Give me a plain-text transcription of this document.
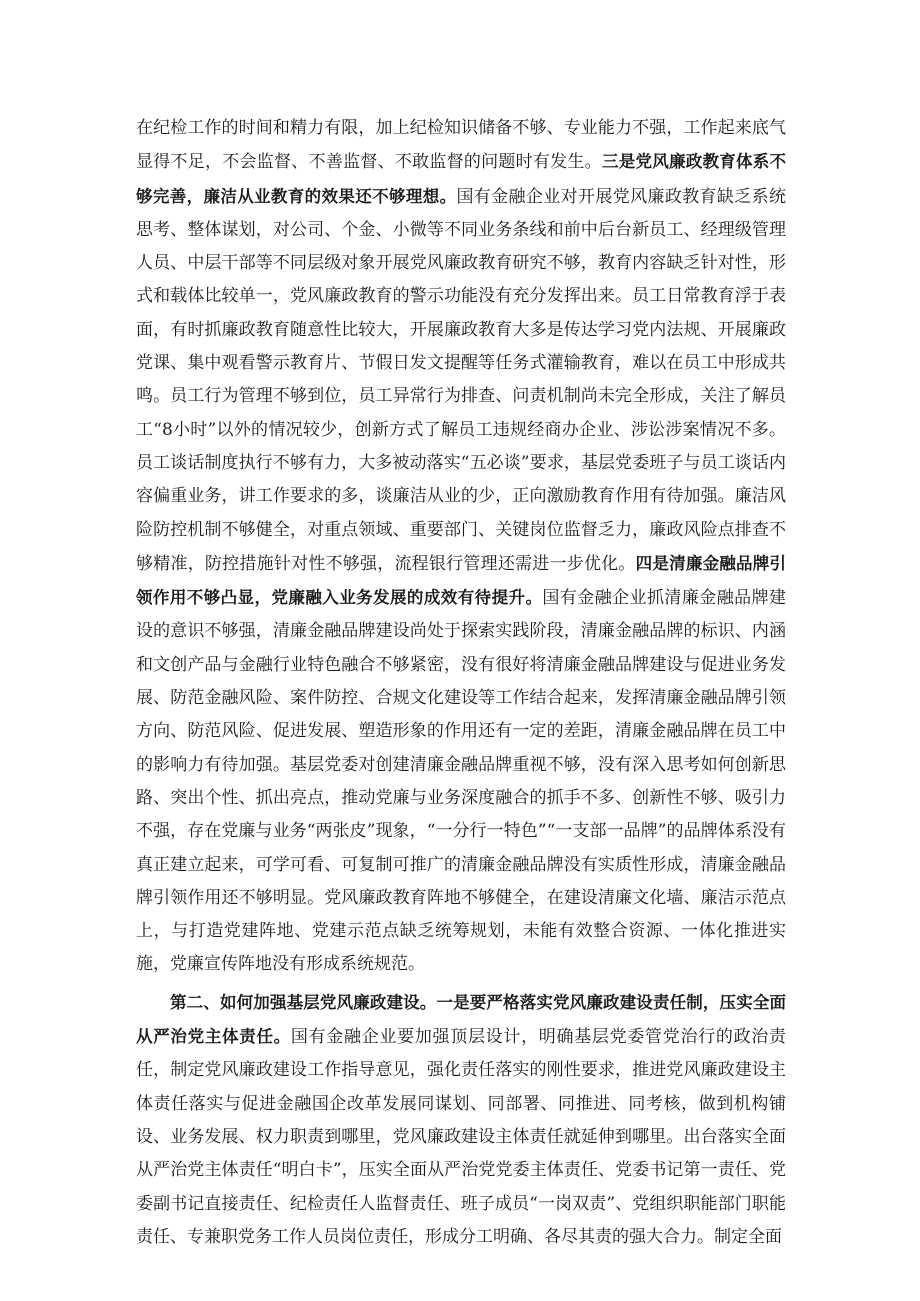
在纪检工作的时间和精力有限，加上纪检知识储备不够、专业能力不强，工作起来底气显得不足，不会监督、不善监督、不敢监督的问题时有发生。三是党风廉政教育体系不够完善，廉洁从业教育的效果还不够理想。国有金融企业对开展党风廉政教育缺乏系统思考、整体谋划，对公司、个金、小微等不同业务条线和前中后台新员工、经理级管理人员、中层干部等不同层级对象开展党风廉政教育研究不够，教育内容缺乏针对性，形式和载体比较单一，党风廉政教育的警示功能没有充分发挥出来。员工日常教育浮于表面，有时抓廉政教育随意性比较大，开展廉政教育大多是传达学习党内法规、开展廉政党课、集中观看警示教育片、节假日发文提醒等任务式灌输教育，难以在员工中形成共鸣。员工行为管理不够到位，员工异常行为排查、问责机制尚未完全形成，关注了解员工“8小时”以外的情况较少，创新方式了解员工违规经商办企业、涉讼涉案情况不多。员工谈话制度执行不够有力，大多被动落实“五必谈”要求，基层党委班子与员工谈话内容偏重业务，讲工作要求的多，谈廉洁从业的少，正向激励教育作用有待加强。廉洁风险防控机制不够健全，对重点领域、重要部门、关键岗位监督乏力，廉政风险点排查不够精准，防控措施针对性不够强，流程银行管理还需进一步优化。四是清廉金融品牌引领作用不够凸显，党廉融入业务发展的成效有待提升。国有金融企业抓清廉金融品牌建设的意识不够强，清廉金融品牌建设尚处于探索实践阶段，清廉金融品牌的标识、内涵和文创产品与金融行业特色融合不够紧密，没有很好将清廉金融品牌建设与促进业务发展、防范金融风险、案件防控、合规文化建设等工作结合起来，发挥清廉金融品牌引领方向、防范风险、促进发展、塑造形象的作用还有一定的差距，清廉金融品牌在员工中的影响力有待加强。基层党委对创建清廉金融品牌重视不够，没有深入思考如何创新思路、突出个性、抓出亮点，推动党廉与业务深度融合的抓手不多、创新性不够、吸引力不强，存在党廉与业务“两张皮”现象，“一分行一特色”“一支部一品牌”的品牌体系没有真正建立起来，可学可看、可复制可推广的清廉金融品牌没有实质性形成，清廉金融品牌引领作用还不够明显。党风廉政教育阵地不够健全，在建设清廉文化墙、廉洁示范点上，与打造党建阵地、党建示范点缺乏统筹规划，未能有效整合资源、一体化推进实施，党廉宣传阵地没有形成系统规范。

第二、如何加强基层党风廉政建设。一是要严格落实党风廉政建设责任制，压实全面从严治党主体责任。国有金融企业要加强顶层设计，明确基层党委管党治行的政治责任，制定党风廉政建设工作指导意见，强化责任落实的刚性要求，推进党风廉政建设主体责任落实与促进金融国企改革发展同谋划、同部署、同推进、同考核，做到机构铺设、业务发展、权力职责到哪里，党风廉政建设主体责任就延伸到哪里。出台落实全面从严治党主体责任“明白卡”，压实全面从严治党党委主体责任、党委书记第一责任、党委副书记直接责任、纪检责任人监督责任、班子成员“一岗双责”、党组织职能部门职能责任、专兼职党务工作人员岗位责任，形成分工明确、各尽其责的强大合力。制定全面
